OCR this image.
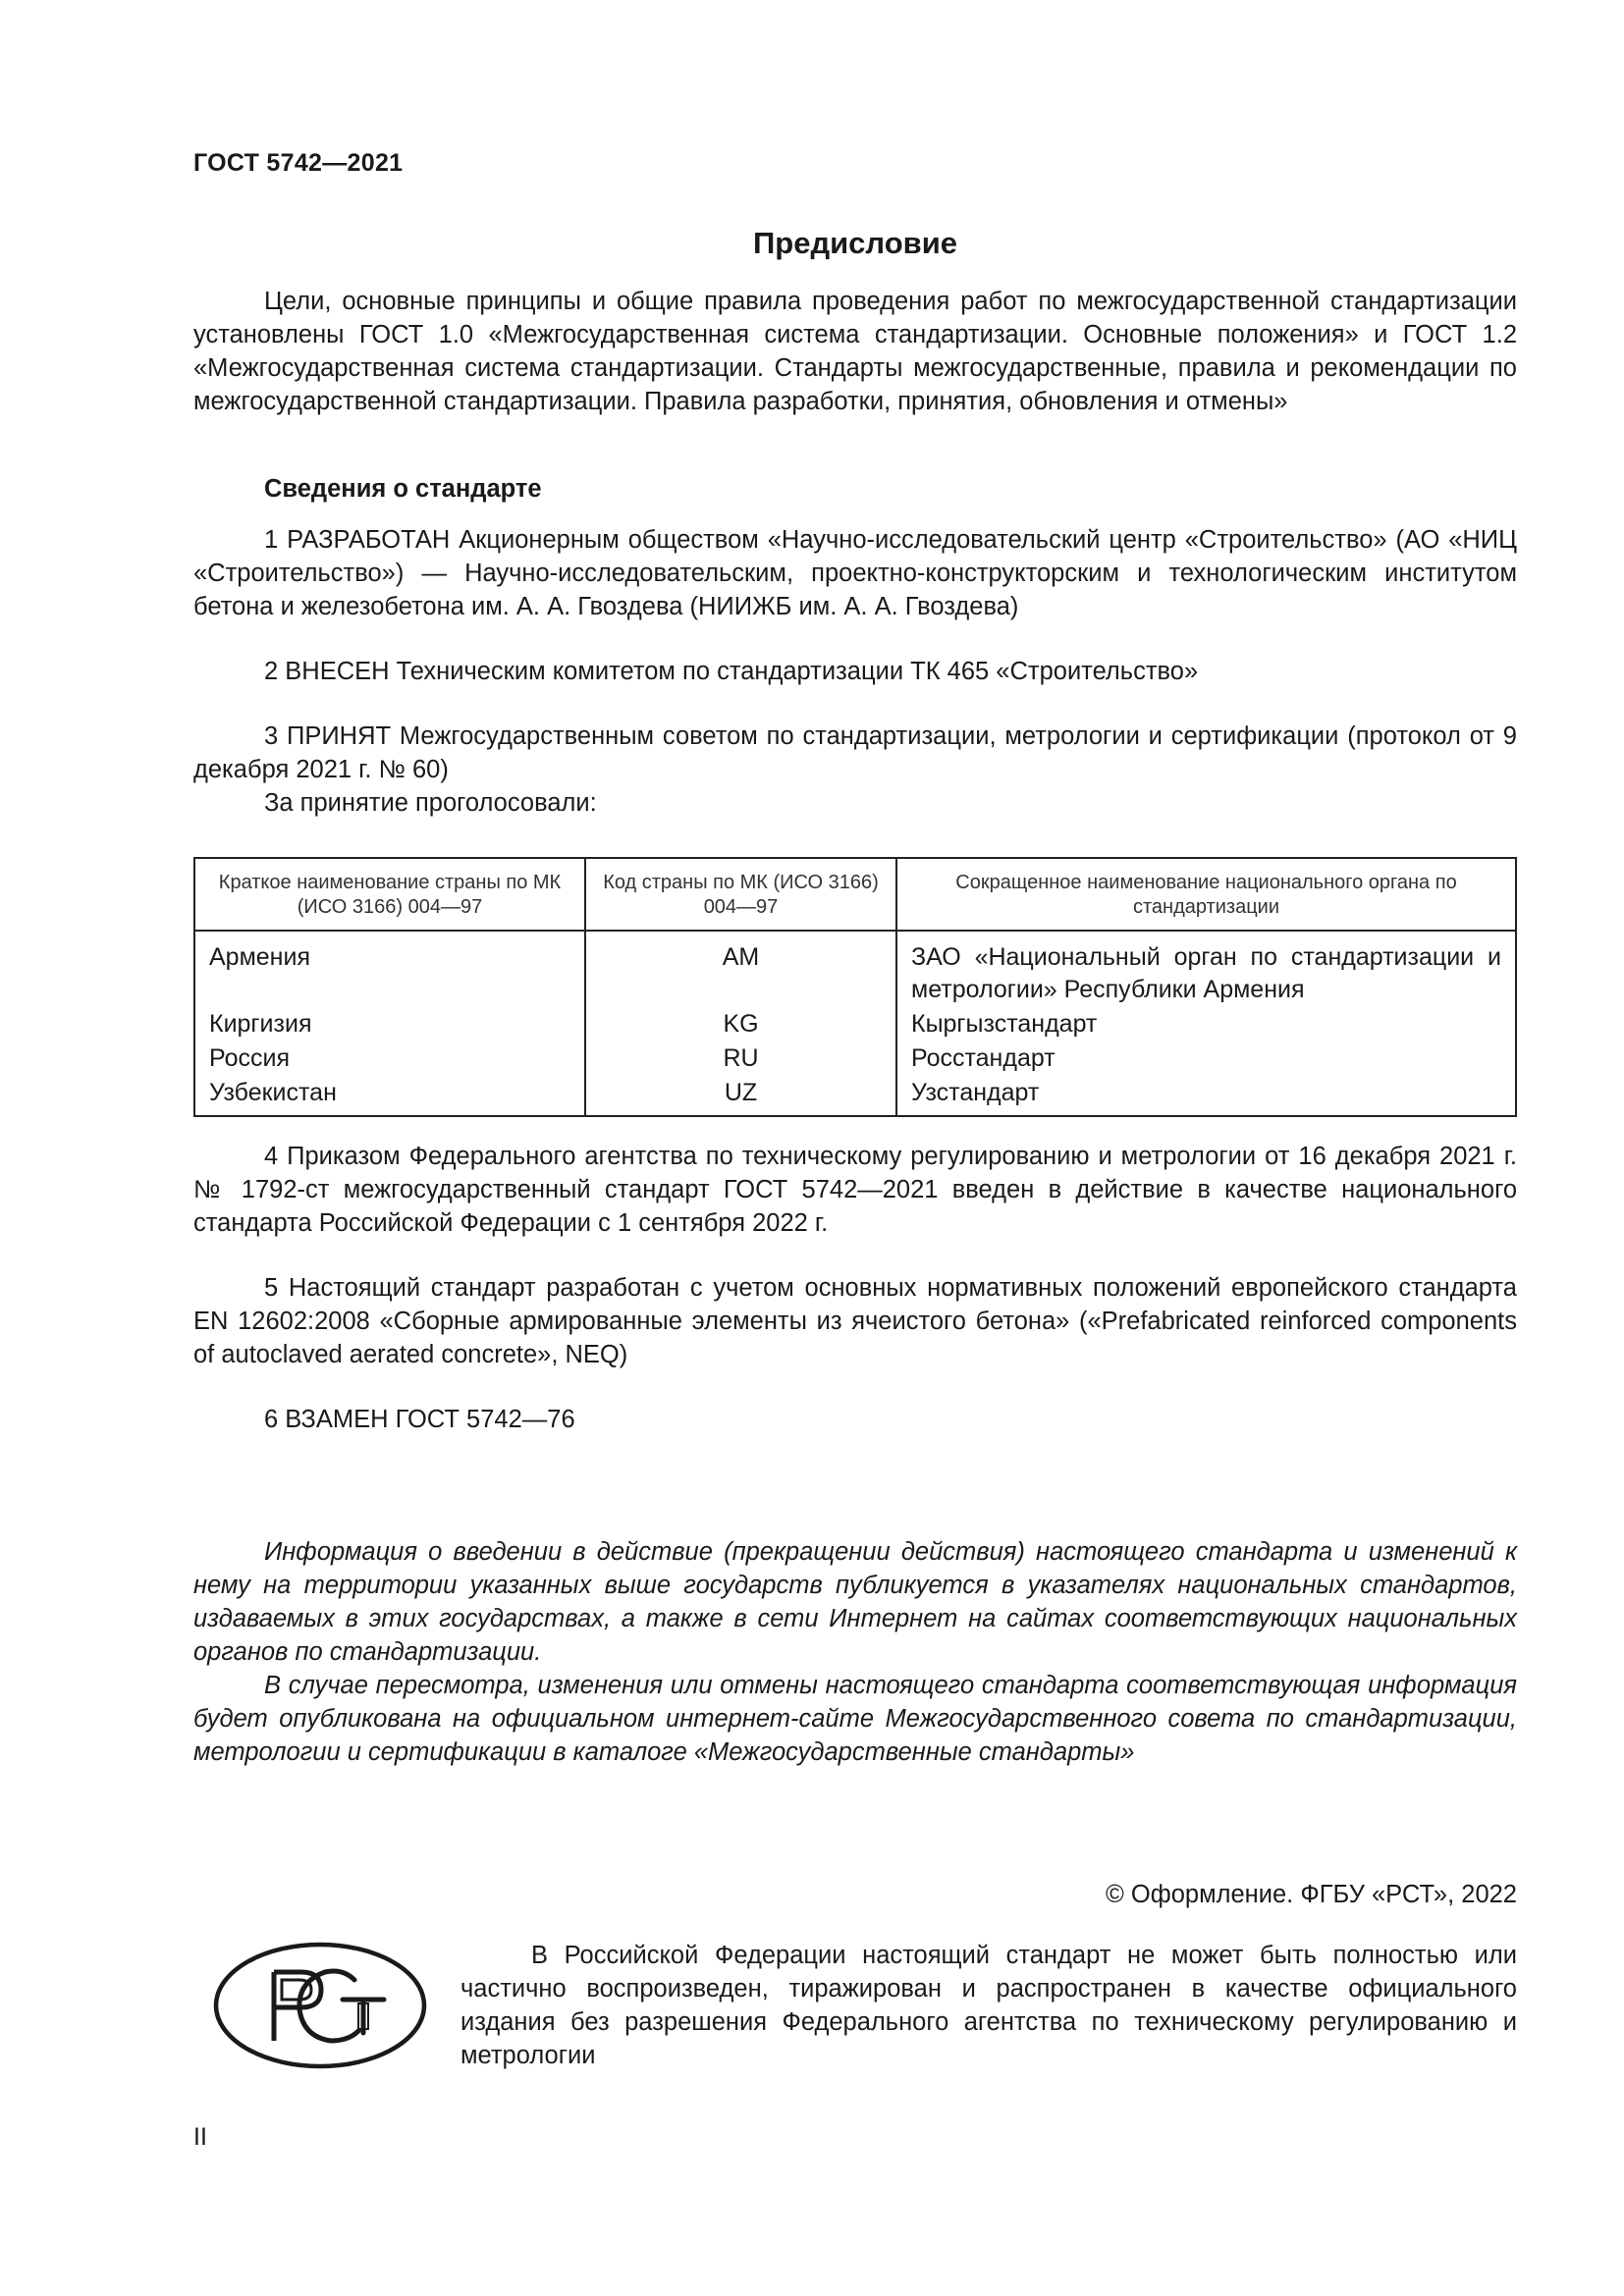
ГОСТ 5742—2021
Предисловие

Цели, основные принципы и общие правила проведения работ по межгосударственной стандартизации установлены ГОСТ 1.0 «Межгосударственная система стандартизации. Основные положения» и ГОСТ 1.2 «Межгосударственная система стандартизации. Стандарты межгосударственные, правила и рекомендации по межгосударственной стандартизации. Правила разработки, принятия, обновления и отмены»

Сведения о стандарте

1 РАЗРАБОТАН Акционерным обществом «Научно-исследовательский центр «Строительство» (АО «НИЦ «Строительство») — Научно-исследовательским, проектно-конструкторским и технологическим институтом бетона и железобетона им. А. А. Гвоздева (НИИЖБ им. А. А. Гвоздева)

2 ВНЕСЕН Техническим комитетом по стандартизации ТК 465 «Строительство»

3 ПРИНЯТ Межгосударственным советом по стандартизации, метрологии и сертификации (протокол от 9 декабря 2021 г. № 60)

За принятие проголосовали:

Краткое наименование страны по МК (ИСО 3166) 004—97	Код страны по МК (ИСО 3166) 004—97	Сокращенное наименование национального органа по стандартизации
Армения	AM	ЗАО «Национальный орган по стандартизации и метрологии» Республики Армения
Киргизия	KG	Кыргызстандарт
Россия	RU	Росстандарт
Узбекистан	UZ	Узстандарт

4 Приказом Федерального агентства по техническому регулированию и метрологии от 16 декабря 2021 г. № 1792-ст межгосударственный стандарт ГОСТ 5742—2021 введен в действие в качестве национального стандарта Российской Федерации с 1 сентября 2022 г.

5 Настоящий стандарт разработан с учетом основных нормативных положений европейского стандарта EN 12602:2008 «Сборные армированные элементы из ячеистого бетона» («Prefabricated reinforced components of autoclaved aerated concrete», NEQ)

6 ВЗАМЕН ГОСТ 5742—76

Информация о введении в действие (прекращении действия) настоящего стандарта и изменений к нему на территории указанных выше государств публикуется в указателях национальных стандартов, издаваемых в этих государствах, а также в сети Интернет на сайтах соответствующих национальных органов по стандартизации.

В случае пересмотра, изменения или отмены настоящего стандарта соответствующая информация будет опубликована на официальном интернет-сайте Межгосударственного совета по стандартизации, метрологии и сертификации в каталоге «Межгосударственные стандарты»

© Оформление. ФГБУ «РСТ», 2022

В Российской Федерации настоящий стандарт не может быть полностью или частично воспроизведен, тиражирован и распространен в качестве официального издания без разрешения Федерального агентства по техническому регулированию и метрологии

II
